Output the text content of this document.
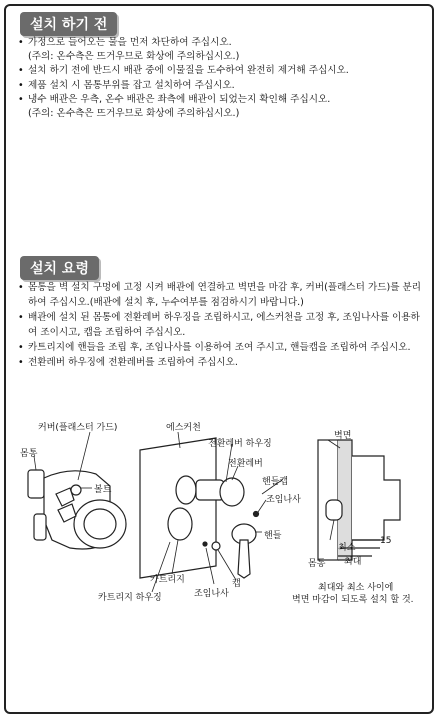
설치 하기 전
• 가정으로 들어오는 물을 먼저 차단하여 주십시오.
(주의: 온수측은 뜨거우므로 화상에 주의하십시오.)
• 설치 하기 전에 반드시 배관 중에 이물질을 도수하여 완전히 제거해 주십시오.
• 제품 설치 시 몸통부위를 잡고 설치하여 주십시오.
• 냉수 배관은 우측, 온수 배관은 좌측에 배관이 되었는지 확인해 주십시오.
(주의: 온수측은 뜨거우므로 화상에 주의하십시오.)
설치 요령
• 몸통을 벽 설치 구멍에 고정 시켜 배관에 연결하고 벽면을 마감 후, 커버(플래스터 가드)를 분리하여 주십시오.(배관에 설치 후, 누수여부를 점검하시기 바랍니다.)
• 배관에 설치 된 몸통에 전환레버 하우징을 조립하시고, 에스커천을 고정 후, 조임나사를 이용하여 조이시고, 캡을 조립하여 주십시오.
• 카트리지에 핸들을 조립 후, 조임나사를 이용하여 조여 주시고, 핸들캡을 조립하여 주십시오.
• 전환레버 하우징에 전환레버를 조립하여 주십시오.
커버(플래스터 가드)
몸통
볼트
에스커천
전환레버 하우징
전환레버
핸들캡
조임나사
핸들
캡
카트리지
카트리지 하우징	조임나사
벽면
몸통
최소
최대
15
최대와 최소 사이에
벽면 마감이 되도록 설치 할 것.
